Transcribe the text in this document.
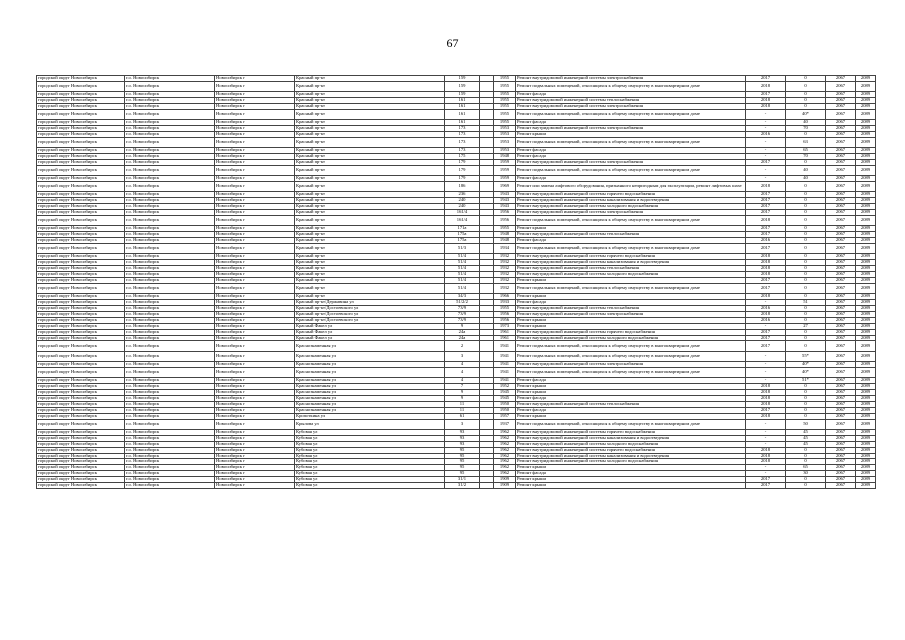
67
городской округ Новосибирск	г.о. Новосибирск	Новосибирск г	Красный пр-кт	159		1955	Ремонт внутридомовой инженерной системы электроснабжения	2017	0	2067	2089
городской округ Новосибирск	г.о. Новосибирск	Новосибирск г	Красный пр-кт	159		1955	Ремонт подвальных помещений, относящихся к общему имуществу в многоквартирном доме	2018	0	2067	2089
городской округ Новосибирск	г.о. Новосибирск	Новосибирск г	Красный пр-кт	159		1955	Ремонт фасада	2017	0	2067	2089
городской округ Новосибирск	г.о. Новосибирск	Новосибирск г	Красный пр-кт	161		1955	Ремонт внутридомовой инженерной системы теплоснабжения	2018	0	2067	2089
городской округ Новосибирск	г.о. Новосибирск	Новосибирск г	Красный пр-кт	161		1955	Ремонт внутридомовой инженерной системы электроснабжения	2018	0	2067	2089
городской округ Новосибирск	г.о. Новосибирск	Новосибирск г	Красный пр-кт	161		1955	Ремонт подвальных помещений, относящихся к общему имуществу в многоквартирном доме	-	40*	2067	2089
городской округ Новосибирск	г.о. Новосибирск	Новосибирск г	Красный пр-кт	161		1955	Ремонт фасада	-	40	2067	2089
городской округ Новосибирск	г.о. Новосибирск	Новосибирск г	Красный пр-кт	173		1953	Ремонт внутридомовой инженерной системы электроснабжения	-	70	2067	2089
городской округ Новосибирск	г.о. Новосибирск	Новосибирск г	Красный пр-кт	173		1953	Ремонт крыши	2016	0	2067	2089
городской округ Новосибирск	г.о. Новосибирск	Новосибирск г	Красный пр-кт	173		1953	Ремонт подвальных помещений, относящихся к общему имуществу в многоквартирном доме	-	63	2067	2089
городской округ Новосибирск	г.о. Новосибирск	Новосибирск г	Красный пр-кт	173		1953	Ремонт фасада	-	65	2067	2089
городской округ Новосибирск	г.о. Новосибирск	Новосибирск г	Красный пр-кт	175		1948	Ремонт фасада	-	70	2067	2089
городской округ Новосибирск	г.о. Новосибирск	Новосибирск г	Красный пр-кт	179		1959	Ремонт внутридомовой инженерной системы электроснабжения	2017	0	2067	2089
городской округ Новосибирск	г.о. Новосибирск	Новосибирск г	Красный пр-кт	179		1959	Ремонт подвальных помещений, относящихся к общему имуществу в многоквартирном доме	-	40	2067	2089
городской округ Новосибирск	г.о. Новосибирск	Новосибирск г	Красный пр-кт	179		1959	Ремонт фасада	-	40	2067	2089
городской округ Новосибирск	г.о. Новосибирск	Новосибирск г	Красный пр-кт	186		1969	Ремонт или замена лифтового оборудования, признанного непригодным для эксплуатации, ремонт лифтовых шахт	2018	0	2067	2089
городской округ Новосибирск	г.о. Новосибирск	Новосибирск г	Красный пр-кт	236		1943	Ремонт внутридомовой инженерной системы горячего водоснабжения	2017	0	2067	2089
городской округ Новосибирск	г.о. Новосибирск	Новосибирск г	Красный пр-кт	240		1943	Ремонт внутридомовой инженерной системы канализования и водоотведения	2017	0	2067	2089
городской округ Новосибирск	г.о. Новосибирск	Новосибирск г	Красный пр-кт	240		1943	Ремонт внутридомовой инженерной системы холодного водоснабжения	2017	0	2067	2089
городской округ Новосибирск	г.о. Новосибирск	Новосибирск г	Красный пр-кт	161/4		1956	Ремонт внутридомовой инженерной системы электроснабжения	2017	0	2067	2089
городской округ Новосибирск	г.о. Новосибирск	Новосибирск г	Красный пр-кт	161/4		1956	Ремонт подвальных помещений, относящихся к общему имуществу в многоквартирном доме	2018	0	2067	2089
городской округ Новосибирск	г.о. Новосибирск	Новосибирск г	Красный пр-кт	171а		1955	Ремонт крыши	2017	0	2067	2089
городской округ Новосибирск	г.о. Новосибирск	Новосибирск г	Красный пр-кт	175а		1948	Ремонт внутридомовой инженерной системы теплоснабжения	2017	0	2067	2089
городской округ Новосибирск	г.о. Новосибирск	Новосибирск г	Красный пр-кт	175а		1948	Ремонт фасада	2016	0	2067	2089
городской округ Новосибирск	г.о. Новосибирск	Новосибирск г	Красный пр-кт	51/3		1934	Ремонт подвальных помещений, относящихся к общему имуществу в многоквартирном доме	2017	0	2067	2089
городской округ Новосибирск	г.о. Новосибирск	Новосибирск г	Красный пр-кт	51/4		1932	Ремонт внутридомовой инженерной системы горячего водоснабжения	2018	0	2067	2089
городской округ Новосибирск	г.о. Новосибирск	Новосибирск г	Красный пр-кт	51/4		1932	Ремонт внутридомовой инженерной системы канализования и водоотведения	2018	0	2067	2089
городской округ Новосибирск	г.о. Новосибирск	Новосибирск г	Красный пр-кт	51/4		1932	Ремонт внутридомовой инженерной системы теплоснабжения	2018	0	2067	2089
городской округ Новосибирск	г.о. Новосибирск	Новосибирск г	Красный пр-кт	51/4		1932	Ремонт внутридомовой инженерной системы холодного водоснабжения	2018	0	2067	2089
городской округ Новосибирск	г.о. Новосибирск	Новосибирск г	Красный пр-кт	51/4		1932	Ремонт крыши	2017	0	2067	2089
городской округ Новосибирск	г.о. Новосибирск	Новосибирск г	Красный пр-кт	51/4		1932	Ремонт подвальных помещений, относящихся к общему имуществу в многоквартирном доме	2017	0	2067	2089
городской округ Новосибирск	г.о. Новосибирск	Новосибирск г	Красный пр-кт	34/3		1966	Ремонт крыши	2018	0	2067	2089
городской округ Новосибирск	г.о. Новосибирск	Новосибирск г	Красный пр-кт/Державина ул	51/2/2		1933	Ремонт фасада	-	51	2067	2089
городской округ Новосибирск	г.о. Новосибирск	Новосибирск г	Красный пр-кт/Достоевского ул	73/9		1955	Ремонт внутридомовой инженерной системы теплоснабжения	2016	0	2067	2089
городской округ Новосибирск	г.о. Новосибирск	Новосибирск г	Красный пр-кт/Достоевского ул	73/9		1956	Ремонт внутридомовой инженерной системы электроснабжения	2018	0	2067	2089
городской округ Новосибирск	г.о. Новосибирск	Новосибирск г	Красный пр-кт/Достоевского ул	73/9		1956	Ремонт крыши	2016	0	2067	2089
городской округ Новосибирск	г.о. Новосибирск	Новосибирск г	Красный Факел ул	9		1973	Ремонт крыши	-	27	2067	2089
городской округ Новосибирск	г.о. Новосибирск	Новосибирск г	Красный Факел ул	24а		1961	Ремонт внутридомовой инженерной системы горячего водоснабжения	2017	0	2067	2089
городской округ Новосибирск	г.о. Новосибирск	Новосибирск г	Красный Факел ул	24а		1961	Ремонт внутридомовой инженерной системы холодного водоснабжения	2017	0	2067	2089
городской округ Новосибирск	г.о. Новосибирск	Новосибирск г	Краснознаменная ул	2		1941	Ремонт подвальных помещений, относящихся к общему имуществу в многоквартирном доме	2017	0	2067	2089
городской округ Новосибирск	г.о. Новосибирск	Новосибирск г	Краснознаменная ул	3		1941	Ремонт подвальных помещений, относящихся к общему имуществу в многоквартирном доме	-	55*	2067	2089
городской округ Новосибирск	г.о. Новосибирск	Новосибирск г	Краснознаменная ул	4		1941	Ремонт внутридомовой инженерной системы электроснабжения	-	40*	2067	2089
городской округ Новосибирск	г.о. Новосибирск	Новосибирск г	Краснознаменная ул	4		1941	Ремонт подвальных помещений, относящихся к общему имуществу в многоквартирном доме	-	40*	2067	2089
городской округ Новосибирск	г.о. Новосибирск	Новосибирск г	Краснознаменная ул	4		1941	Ремонт фасада	-	51*	2067	2089
городской округ Новосибирск	г.о. Новосибирск	Новосибирск г	Краснознаменная ул	7		1952	Ремонт крыши	2018	0	2067	2089
городской округ Новосибирск	г.о. Новосибирск	Новосибирск г	Краснознаменная ул	9		1945	Ремонт крыши	2018	0	2067	2089
городской округ Новосибирск	г.о. Новосибирск	Новосибирск г	Краснознаменная ул	9		1945	Ремонт фасада	2018	0	2067	2089
городской округ Новосибирск	г.о. Новосибирск	Новосибирск г	Краснознаменная ул	11		1950	Ремонт внутридомовой инженерной системы теплоснабжения	2018	0	2067	2089
городской округ Новосибирск	г.о. Новосибирск	Новосибирск г	Краснознаменная ул	11		1950	Ремонт фасада	2017	0	2067	2089
городской округ Новосибирск	г.о. Новосибирск	Новосибирск г	Кропоткина ул	61		1957	Ремонт крыши	2018	0	2067	2089
городской округ Новосибирск	г.о. Новосибирск	Новосибирск г	Крылова ул	3		1937	Ремонт подвальных помещений, относящихся к общему имуществу в многоквартирном доме	-	50	2067	2089
городской округ Новосибирск	г.о. Новосибирск	Новосибирск г	Кубовая ул	93		1962	Ремонт внутридомовой инженерной системы горячего водоснабжения	-	45	2067	2089
городской округ Новосибирск	г.о. Новосибирск	Новосибирск г	Кубовая ул	93		1962	Ремонт внутридомовой инженерной системы канализования и водоотведения	-	45	2067	2089
городской округ Новосибирск	г.о. Новосибирск	Новосибирск г	Кубовая ул	93		1962	Ремонт внутридомовой инженерной системы холодного водоснабжения	-	45	2067	2089
городской округ Новосибирск	г.о. Новосибирск	Новосибирск г	Кубовая ул	95		1962	Ремонт внутридомовой инженерной системы горячего водоснабжения	2018	0	2067	2089
городской округ Новосибирск	г.о. Новосибирск	Новосибирск г	Кубовая ул	95		1962	Ремонт внутридомовой инженерной системы канализования и водоотведения	2018	0	2067	2089
городской округ Новосибирск	г.о. Новосибирск	Новосибирск г	Кубовая ул	95		1962	Ремонт внутридомовой инженерной системы холодного водоснабжения	2018	0	2067	2089
городской округ Новосибирск	г.о. Новосибирск	Новосибирск г	Кубовая ул	95		1962	Ремонт крыши	-	65	2067	2089
городской округ Новосибирск	г.о. Новосибирск	Новосибирск г	Кубовая ул	95		1962	Ремонт фасада	-	30	2067	2089
городской округ Новосибирск	г.о. Новосибирск	Новосибирск г	Кубовая ул	31/1		1909	Ремонт крыши	2017	0	2067	2089
городской округ Новосибирск	г.о. Новосибирск	Новосибирск г	Кубовая ул	31/2		1909	Ремонт крыши	2017	0	2067	2089
